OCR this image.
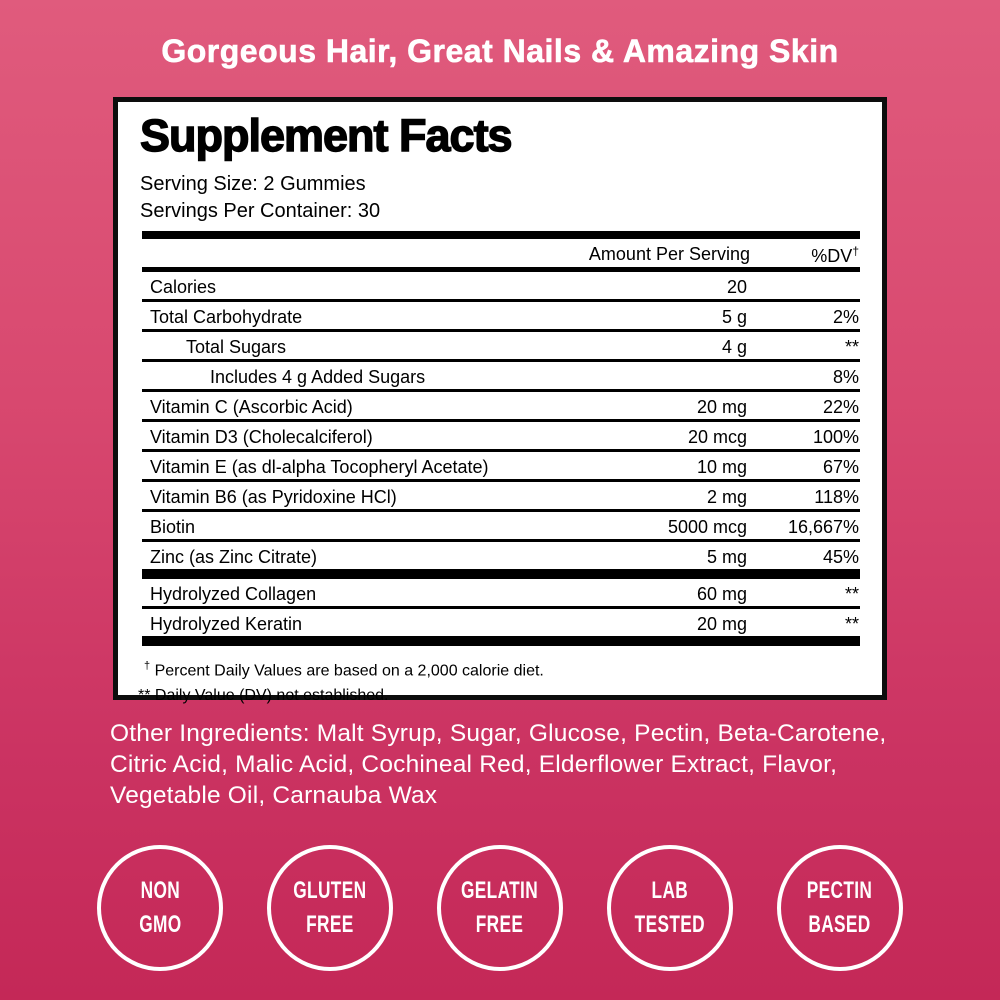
Gorgeous Hair, Great Nails & Amazing Skin
Supplement Facts
Serving Size: 2 Gummies
Servings Per Container: 30
Amount Per Serving	%DV†
Calories	20
Total Carbohydrate	5 g	2%
Total Sugars	4 g	**
Includes 4 g Added Sugars	8%
Vitamin C (Ascorbic Acid)	20 mg	22%
Vitamin D3 (Cholecalciferol)	20 mcg	100%
Vitamin E (as dl-alpha Tocopheryl Acetate)	10 mg	67%
Vitamin B6 (as Pyridoxine HCl)	2 mg	118%
Biotin	5000 mcg 16,667%
Zinc (as Zinc Citrate)	5 mg	45%
Hydrolyzed Collagen	60 mg	**
Hydrolyzed Keratin	20 mg	**
† Percent Daily Values are based on a 2,000 calorie diet.
** Daily Value (DV) not established.
Other Ingredients: Malt Syrup, Sugar, Glucose, Pectin, Beta-Carotene, Citric Acid, Malic Acid, Cochineal Red, Elderflower Extract, Flavor, Vegetable Oil, Carnauba Wax
NON
GMO
GLUTEN
FREE
GELATIN
FREE
LAB
TESTED
PECTIN
BASED
